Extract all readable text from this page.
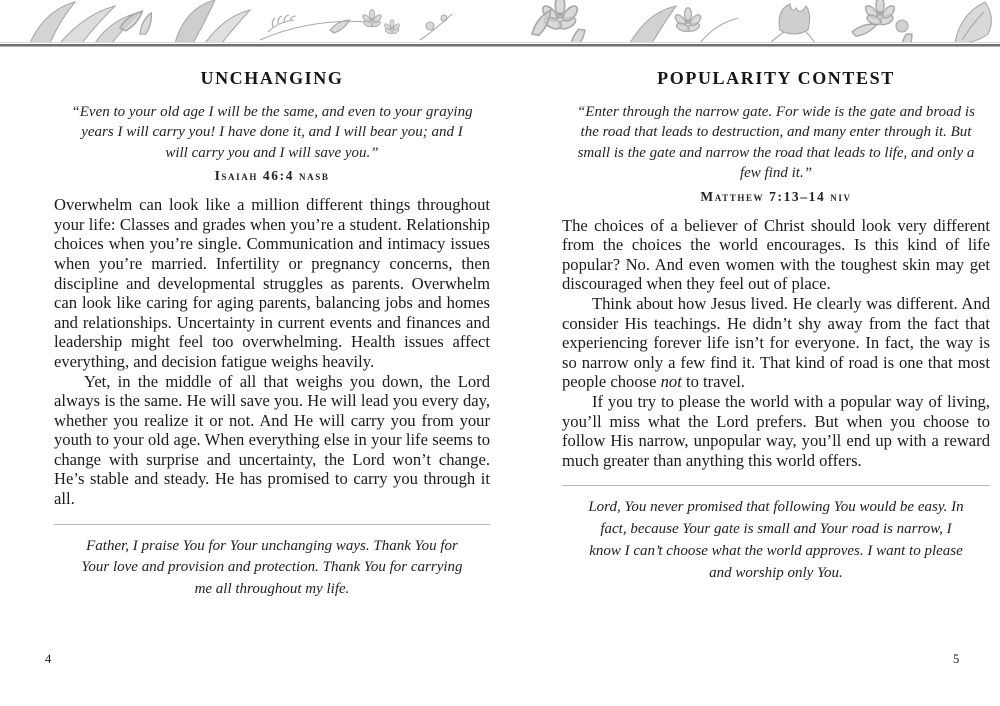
UNCHANGING
“Even to your old age I will be the same, and even to your graying years I will carry you! I have done it, and I will bear you; and I will carry you and I will save you.”
Isaiah 46:4 nasb

Overwhelm can look like a million different things throughout your life: Classes and grades when you’re a student. Relationship choices when you’re single. Communication and intimacy issues when you’re married. Infertility or pregnancy concerns, then discipline and developmental struggles as parents. Overwhelm can look like caring for aging parents, balancing jobs and homes and relationships. Uncertainty in current events and finances and leadership might feel too overwhelming. Health issues affect everything, and decision fatigue weighs heavily.

Yet, in the middle of all that weighs you down, the Lord always is the same. He will save you. He will lead you every day, whether you realize it or not. And He will carry you from your youth to your old age. When everything else in your life seems to change with surprise and uncertainty, the Lord won’t change. He’s stable and steady. He has promised to carry you through it all.

Father, I praise You for Your unchanging ways. Thank You for Your love and provision and protection. Thank You for carrying me all throughout my life.
4
POPULARITY CONTEST
“Enter through the narrow gate. For wide is the gate and broad is the road that leads to destruction, and many enter through it. But small is the gate and narrow the road that leads to life, and only a few find it.”
Matthew 7:13–14 niv

The choices of a believer of Christ should look very different from the choices the world encourages. Is this kind of life popular? No. And even women with the toughest skin may get discouraged when they feel out of place.

Think about how Jesus lived. He clearly was different. And consider His teachings. He didn’t shy away from the fact that experiencing forever life isn’t for everyone. In fact, the way is so narrow only a few find it. That kind of road is one that most people choose not to travel.

If you try to please the world with a popular way of living, you’ll miss what the Lord prefers. But when you choose to follow His narrow, unpopular way, you’ll end up with a reward much greater than anything this world offers.

Lord, You never promised that following You would be easy. In fact, because Your gate is small and Your road is narrow, I know I can’t choose what the world approves. I want to please and worship only You.
5
